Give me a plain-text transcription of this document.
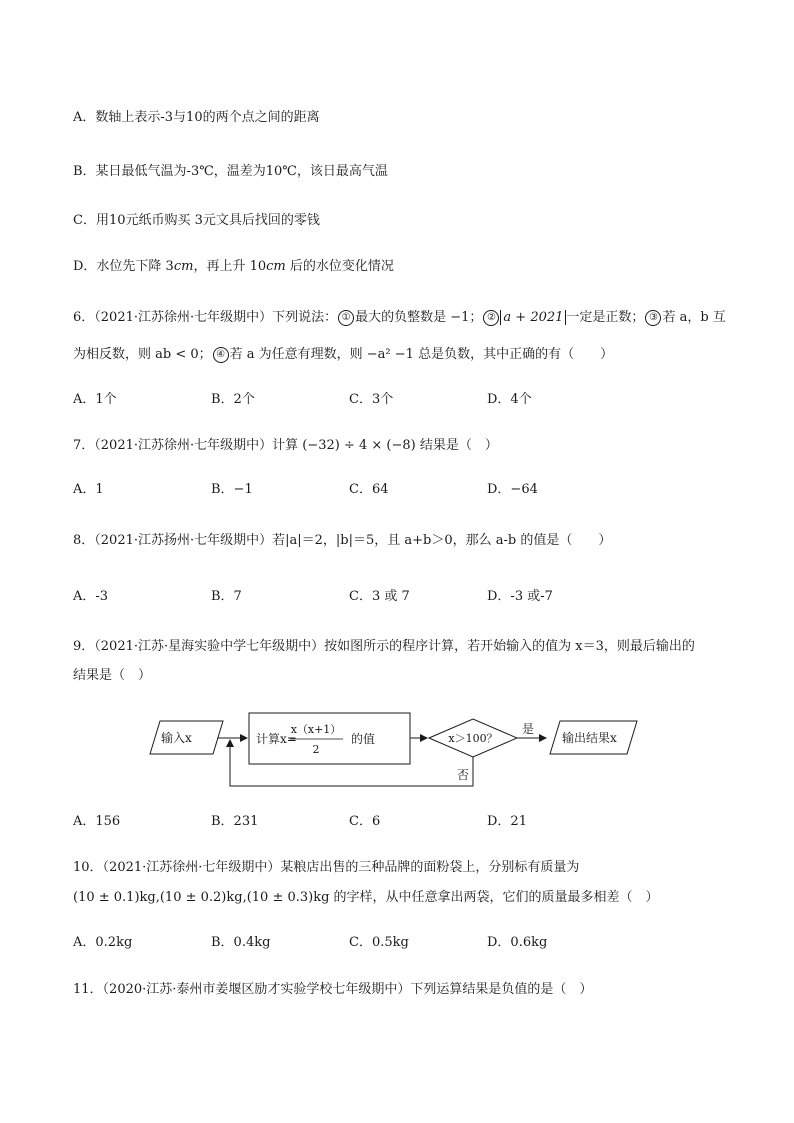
A．数轴上表示-3与10的两个点之间的距离
B．某日最低气温为-3℃，温差为10℃，该日最高气温
C．用10元纸币购买 3元文具后找回的零钱
D．水位先下降 3cm，再上升 10cm 后的水位变化情况
6．（2021·江苏徐州·七年级期中）下列说法： ① 最大的负整数是 −1； ② a + 2021 一定是正数； ③ 若 a，b 互
为相反数，则 ab < 0； ④ 若 a 为任意有理数，则 −a² −1 总是负数，其中正确的有（　　）
A．1个	B．2个	C．3个	D．4个
7．（2021·江苏徐州·七年级期中）计算 (−32) ÷ 4 × (−8) 结果是（　）
A．1	B．−1	C．64	D．−64
8．（2021·江苏扬州·七年级期中）若|a|＝2，|b|＝5，且 a+b＞0，那么 a-b 的值是（　　）
A．-3	B．7	C．3 或 7	D．-3 或-7
9．（2021·江苏·星海实验中学七年级期中）按如图所示的程序计算，若开始输入的值为 x＝3，则最后输出的
结果是（　）
输入x	计算x=
x（x+1）
2
的值	x＞100？
是
输出结果x
否
A．156	B．231	C．6	D．21
10．（2021·江苏徐州·七年级期中）某粮店出售的三种品牌的面粉袋上，分别标有质量为
(10 ± 0.1)kg,(10 ± 0.2)kg,(10 ± 0.3)kg 的字样，从中任意拿出两袋，它们的质量最多相差（　）
A．0.2kg	B．0.4kg	C．0.5kg	D．0.6kg
11．（2020·江苏·泰州市姜堰区励才实验学校七年级期中）下列运算结果是负值的是（　）
